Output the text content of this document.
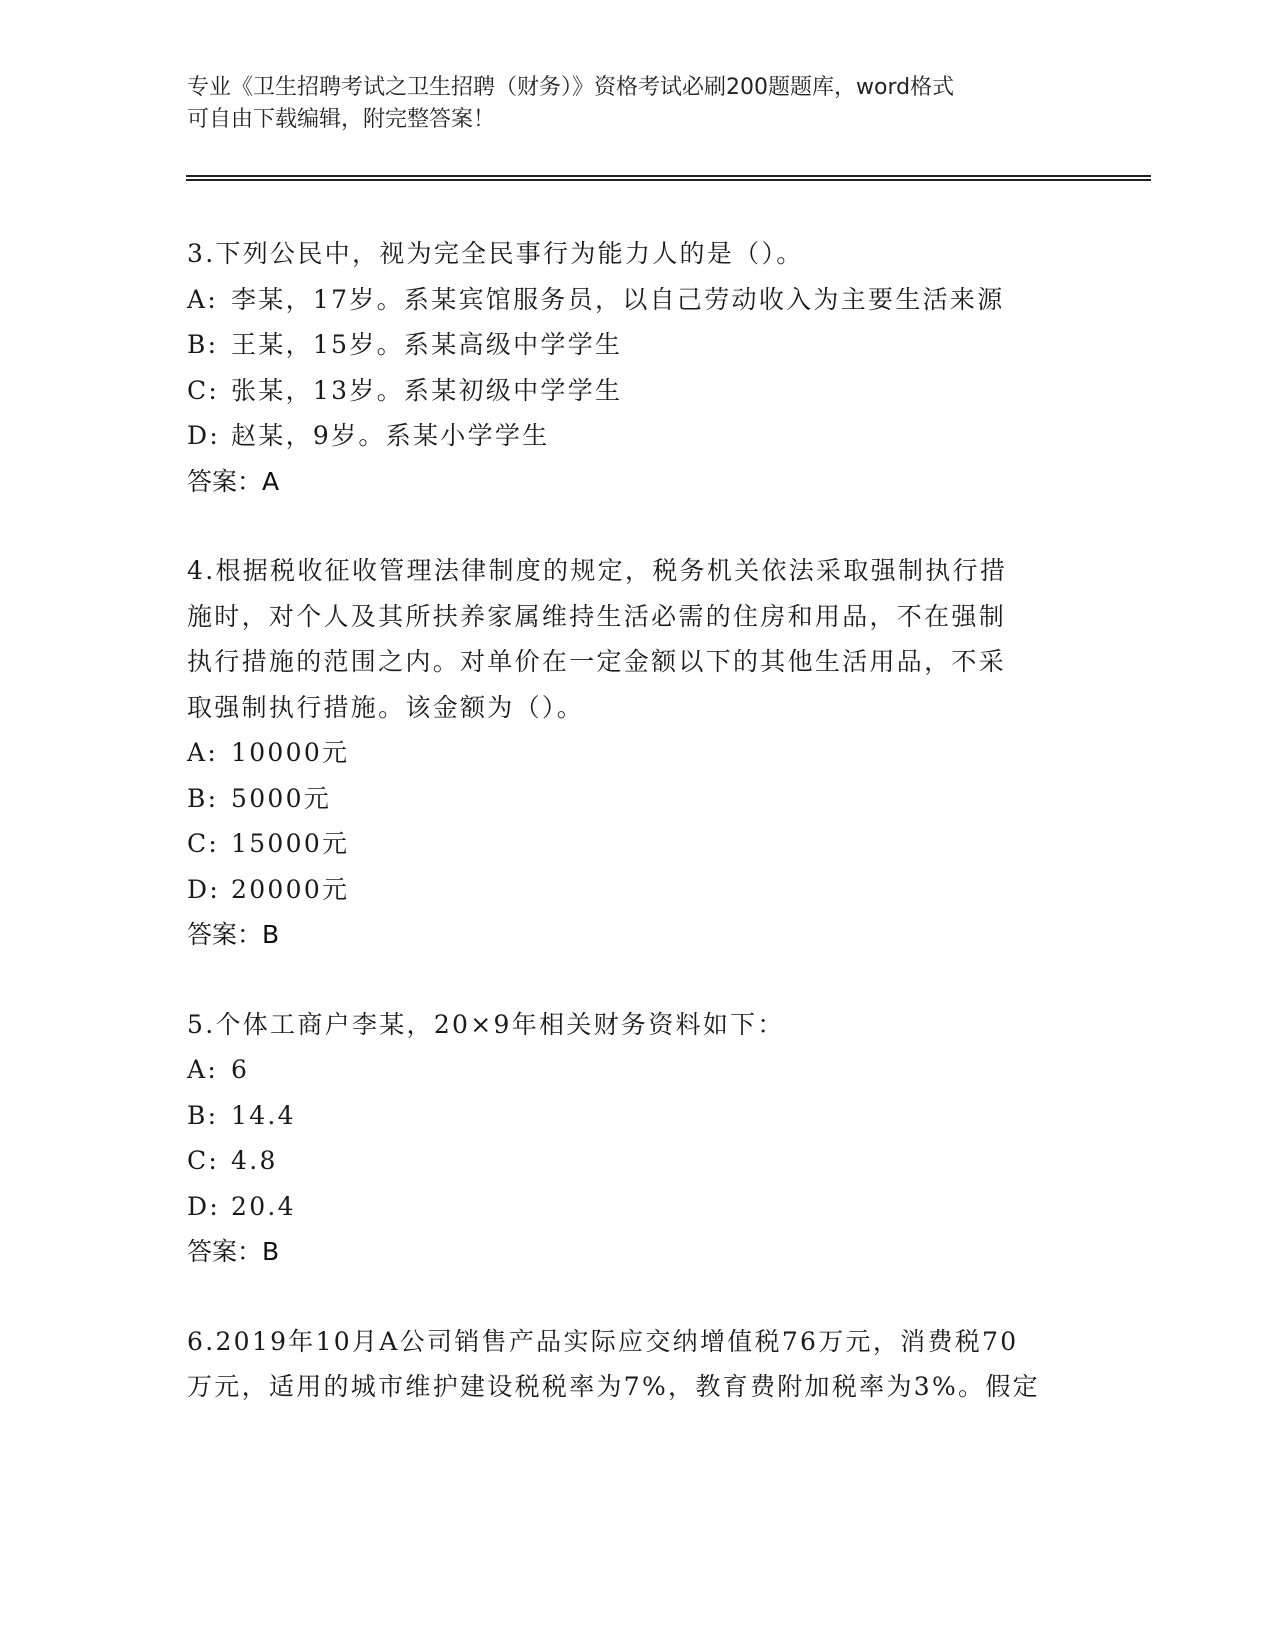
专业《卫生招聘考试之卫生招聘（财务）》资格考试必刷200题题库，word格式
可自由下载编辑，附完整答案！

3.下列公民中，视为完全民事行为能力人的是（）。

A: 李某，17岁。系某宾馆服务员，以自己劳动收入为主要生活来源

B: 王某，15岁。系某高级中学学生

C: 张某，13岁。系某初级中学学生

D: 赵某，9岁。系某小学学生

答案：A

4.根据税收征收管理法律制度的规定，税务机关依法采取强制执行措

施时，对个人及其所扶养家属维持生活必需的住房和用品，不在强制

执行措施的范围之内。对单价在一定金额以下的其他生活用品，不采

取强制执行措施。该金额为（）。

A: 10000元

B: 5000元

C: 15000元

D: 20000元

答案：B

5.个体工商户李某，20×9年相关财务资料如下：

A: 6

B: 14.4

C: 4.8

D: 20.4

答案：B

6.2019年10月A公司销售产品实际应交纳增值税76万元，消费税70

万元，适用的城市维护建设税税率为7%，教育费附加税率为3%。假定
